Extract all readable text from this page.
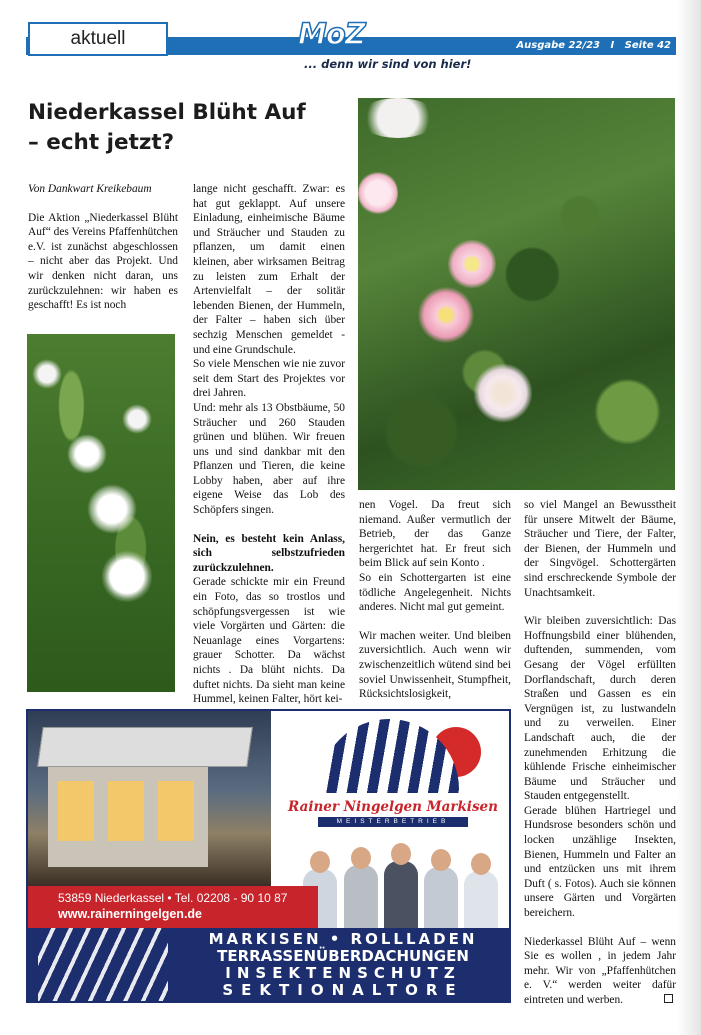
aktuell	MoZ	Ausgabe 22/23   I   Seite 42
... denn wir sind von hier!
Niederkassel Blüht Auf
– echt jetzt?

Von Dankwart Kreikebaum

Die Aktion „Niederkassel Blüht Auf“ des Vereins Pfaffenhütchen e.V. ist zunächst abgeschlossen – nicht aber das Projekt. Und wir denken nicht daran, uns zurückzulehnen: wir haben es geschafft! Es ist noch

lange nicht geschafft. Zwar: es hat gut geklappt. Auf unsere Einladung, einheimische Bäume und Sträucher und Stauden zu pflanzen, um damit einen kleinen, aber wirksamen Beitrag zu leisten zum Erhalt der Artenvielfalt – der solitär lebenden Bienen, der Hummeln, der Falter – haben sich über sechzig Menschen gemeldet - und eine Grundschule.

So viele Menschen wie nie zuvor seit dem Start des Projektes vor drei Jahren.

Und: mehr als 13 Obstbäume, 50 Sträucher und 260 Stauden grünen und blühen. Wir freuen uns und sind dankbar mit den Pflanzen und Tieren, die keine Lobby haben, aber auf ihre eigene Weise das Lob des Schöpfers singen.

Nein, es besteht kein Anlass, sich selbstzufrieden zurückzulehnen.

Gerade schickte mir ein Freund ein Foto, das so trostlos und schöpfungsvergessen ist wie viele Vorgärten und Gärten: die Neuanlage eines Vorgartens: grauer Schotter. Da wächst nichts . Da blüht nichts. Da duftet nichts. Da sieht man keine Hummel, keinen Falter, hört kei-

nen Vogel. Da freut sich niemand. Außer vermutlich der Betrieb, der das Ganze hergerichtet hat. Er freut sich beim Blick auf sein Konto .

So ein Schottergarten ist eine tödliche Angelegenheit. Nichts anderes. Nicht mal gut gemeint.

Wir machen weiter. Und bleiben zuversichtlich. Auch wenn wir zwischenzeitlich wütend sind bei soviel Unwissenheit, Stumpfheit, Rücksichtslosigkeit,

so viel Mangel an Bewusstheit für unsere Mitwelt der Bäume, Sträucher und Tiere, der Falter, der Bienen, der Hummeln und der Singvögel. Schottergärten sind erschreckende Symbole der Unachtsamkeit.

Wir bleiben zuversichtlich: Das Hoffnungsbild einer blühenden, duftenden, summenden, vom Gesang der Vögel erfüllten Dorflandschaft, durch deren Straßen und Gassen es ein Vergnügen ist, zu lustwandeln und zu verweilen. Einer Landschaft auch, die der zunehmenden Erhitzung die kühlende Frische einheimischer Bäume und Sträucher und Stauden entgegenstellt.

Gerade blühen Hartriegel und Hundsrose besonders schön und locken unzählige Insekten, Bienen, Hummeln und Falter an und entzücken uns mit ihrem Duft ( s. Fotos). Auch sie können unsere Gärten und Vorgärten bereichern.

Niederkassel Blüht Auf – wenn Sie es wollen , in jedem Jahr mehr. Wir von „Pfaffenhütchen e. V.“ werden weiter dafür eintreten und werben.

Rainer Ningelgen Markisen
MEISTERBETRIEB
53859 Niederkassel • Tel. 02208 - 90 10 87
www.rainerningelgen.de
MARKISEN • ROLLLADEN
TERRASSENÜBERDACHUNGEN
INSEKTENSCHUTZ
SEKTIONALTORE
